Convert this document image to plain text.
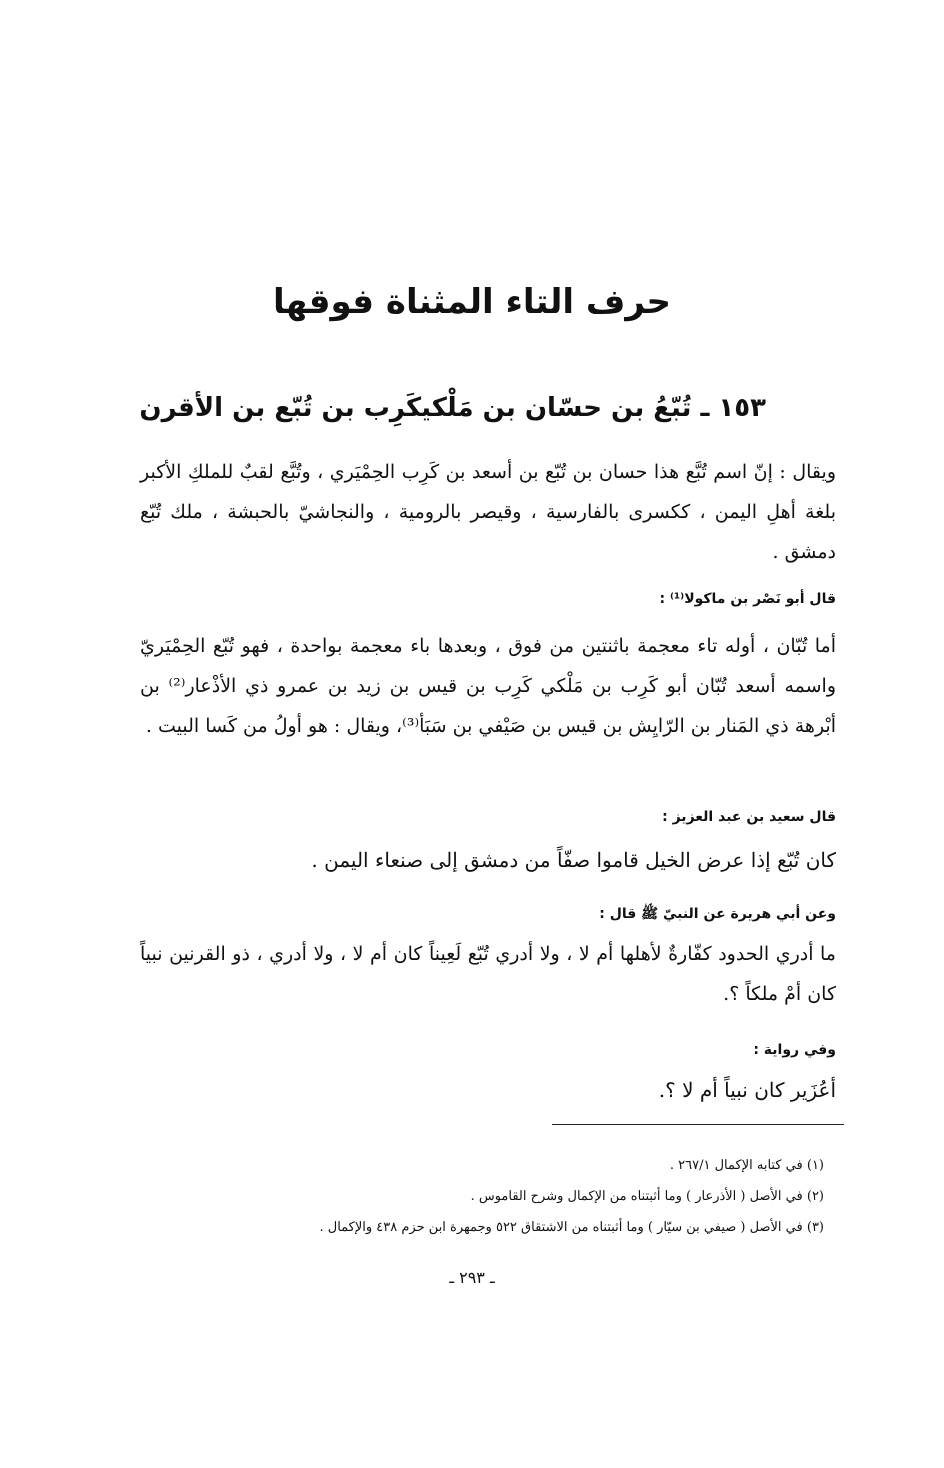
حرف التاء المثناة فوقها
١٥٣ ـ تُبّعُ بن حسّان بن مَلْكيكَرِب بن تُبّع بن الأقرن

ويقال : إنّ اسم تُبَّع هذا حسان بن تُبّع بن أسعد بن كَرِب الحِمْيَري ، وتُبَّع لقبٌ للملكِ الأكبر بلغة أهلِ اليمن ، ككسرى بالفارسية ، وقيصر بالرومية ، والنجاشيّ بالحبشة ، ملك تُبّع دمشق .

قال أبو نَصْر بن ماكولا⁽¹⁾ :

أما تُبّان ، أوله تاء معجمة باثنتين من فوق ، وبعدها باء معجمة بواحدة ، فهو تُبّع الحِمْيَريّ واسمه أسعد تُبّان أبو كَرِب بن مَلْكي كَرِب بن قيس بن زيد بن عمرو ذي الأذْعار⁽²⁾ بن أبْرهة ذي المَنار بن الرّايِش بن قيس بن صَيْفي بن سَبَأ⁽³⁾، ويقال : هو أولُ من كَسا البيت .

قال سعيد بن عبد العزيز :

كان تُبّع إذا عرض الخيل قاموا صفّاً من دمشق إلى صنعاء اليمن .

وعن أبي هريرة عن النبيّ ﷺ قال :

ما أدري الحدود كفّارةٌ لأهلها أم لا ، ولا أدري تُبّع لَعِيناً كان أم لا ، ولا أدري ، ذو القرنين نبياً كان أمْ ملكاً ؟.

وفي رواية :

أعُزَير كان نبياً أم لا ؟.

(١) في كتابه الإكمال ٢٦٧/١ .
(٢) في الأصل ( الأذرعار ) وما أثبتناه من الإكمال وشرح القاموس .
(٣) في الأصل ( صيفي بن سيّار ) وما أثبتناه من الاشتقاق ٥٢٢ وجمهرة ابن حزم ٤٣٨ والإكمال .
ـ ٢٩٣ ـ
